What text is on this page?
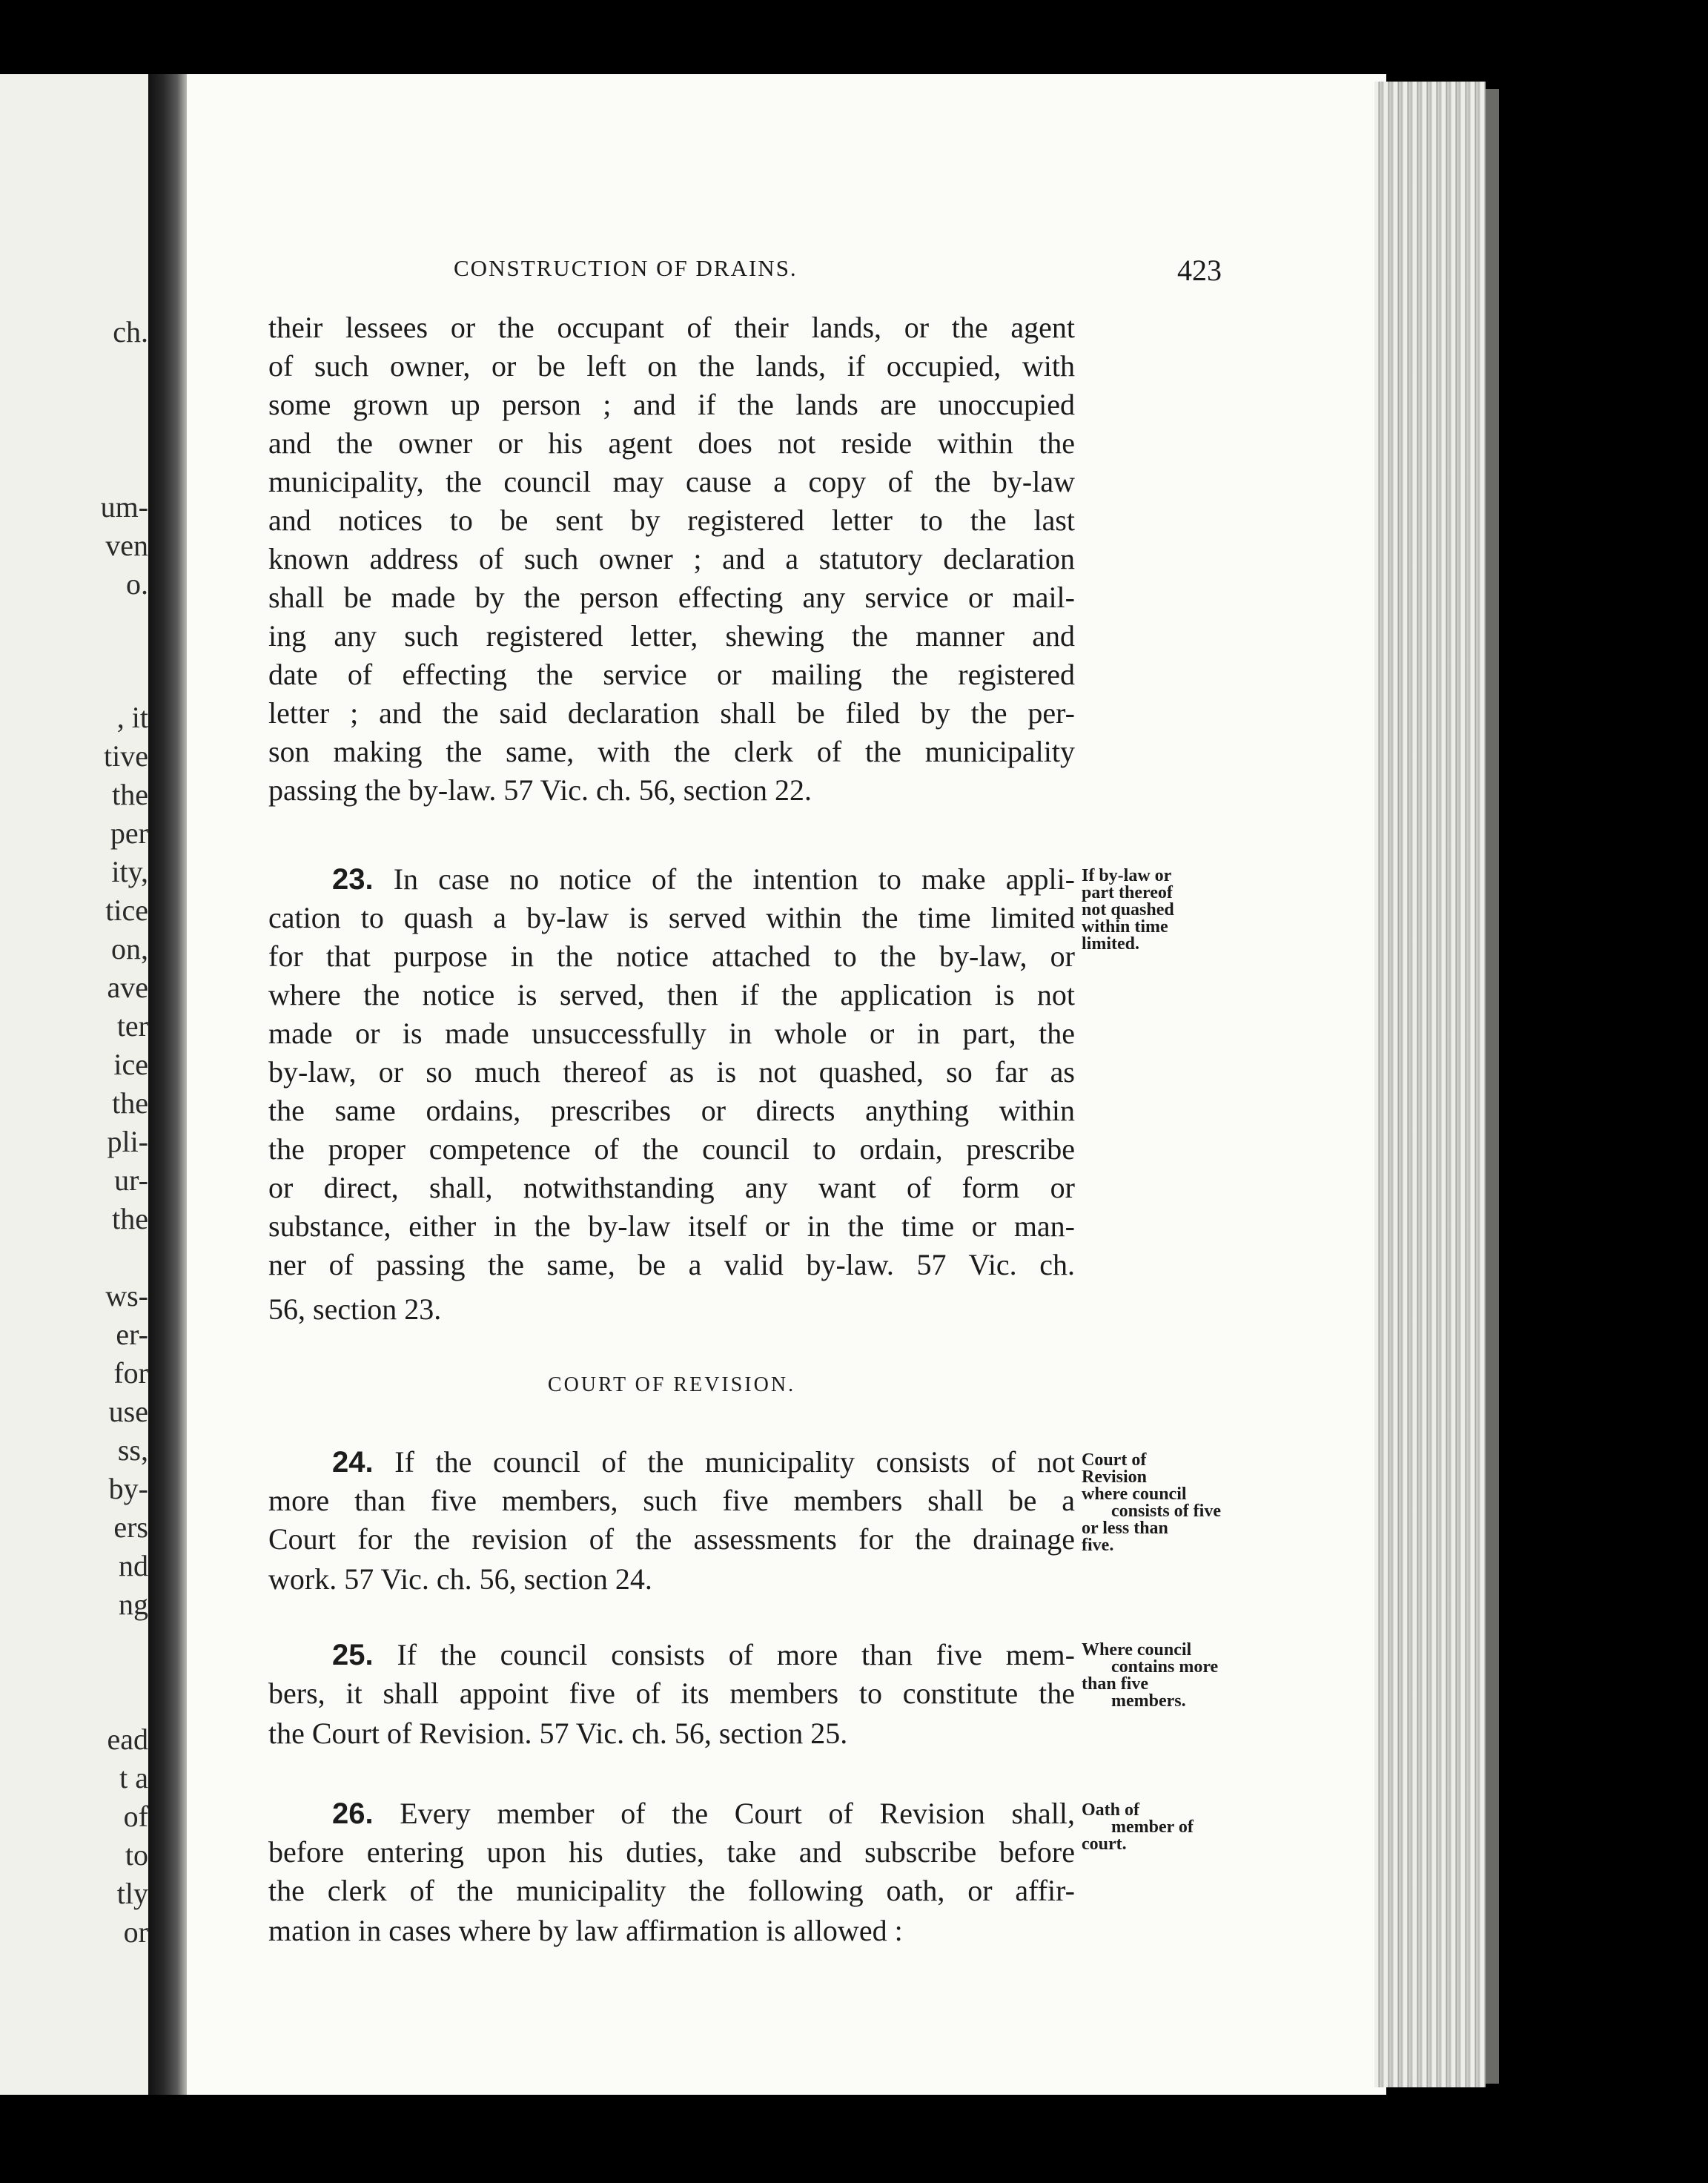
ch.
um-
ven
o.
, it
tive
the
per
ity,
tice
on,
ave
ter
ice
the
pli-
ur-
the
ws-
er-
for
use
ss,
by-
ers
nd
ng
ead
t a
of
to
tly
or
CONSTRUCTION OF DRAINS.	423
their lessees or the occupant of their lands, or the agent
of such owner, or be left on the lands, if occupied, with
some grown up person ; and if the lands are unoccupied
and the owner or his agent does not reside within the
municipality, the council may cause a copy of the by-law
and notices to be sent by registered letter to the last
known address of such owner ; and a statutory declaration
shall be made by the person effecting any service or mail-
ing any such registered letter, shewing the manner and
date of effecting the service or mailing the registered
letter ; and the said declaration shall be filed by the per-
son making the same, with the clerk of the municipality
passing the by-law. 57 Vic. ch. 56, section 22.
23. In case no notice of the intention to make appli-
cation to quash a by-law is served within the time limited
for that purpose in the notice attached to the by-law, or
where the notice is served, then if the application is not
made or is made unsuccessfully in whole or in part, the
by-law, or so much thereof as is not quashed, so far as
the same ordains, prescribes or directs anything within
the proper competence of the council to ordain, prescribe
or direct, shall, notwithstanding any want of form or
substance, either in the by-law itself or in the time or man-
ner of passing the same, be a valid by-law. 57 Vic. ch.
56, section 23.
If by-law or
part thereof
not quashed
within time
limited.
COURT OF REVISION.
24. If the council of the municipality consists of not
more than five members, such five members shall be a
Court for the revision of the assessments for the drainage
work. 57 Vic. ch. 56, section 24.
Court of
Revision
where council
consists of five
or less than
five.
25. If the council consists of more than five mem-
bers, it shall appoint five of its members to constitute the
the Court of Revision. 57 Vic. ch. 56, section 25.
Where council
contains more
than five
members.
26. Every member of the Court of Revision shall,
before entering upon his duties, take and subscribe before
the clerk of the municipality the following oath, or affir-
mation in cases where by law affirmation is allowed :
Oath of
member of
court.
